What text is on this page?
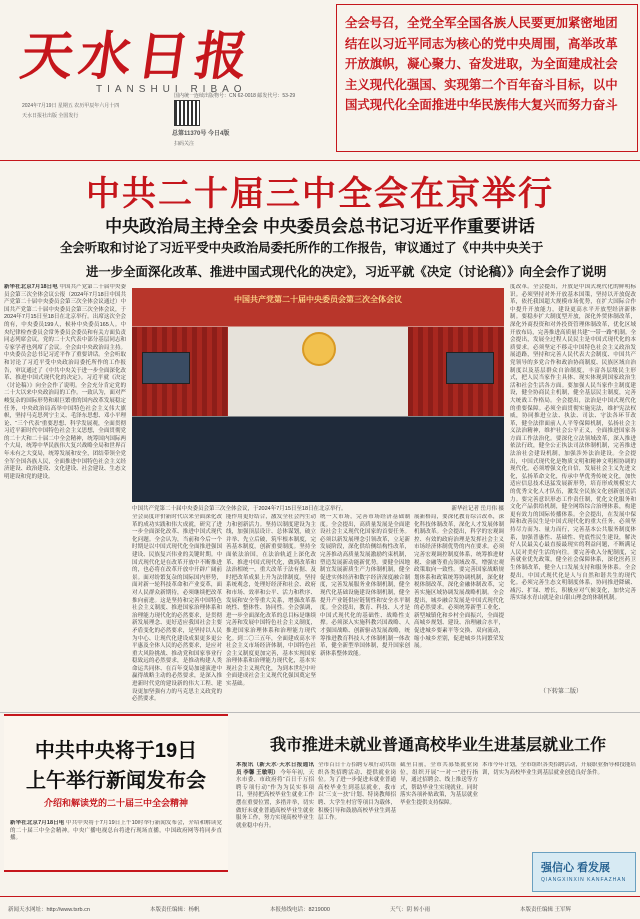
天水日报
TIANSHUI RIBAO
2024年7月19日 星期五 农历甲辰年六月十四
天水日报社出版 全国发行
国内统一连续出版物号：CN 62-0018 邮发代号：53-29
总第11370号 今日4版
扫码关注
全会号召，全党全军全国各族人民要更加紧密地团结在以习近平同志为核心的党中央周围，高举改革开放旗帜，凝心聚力、奋发进取，为全面建成社会主义现代化强国、实现第二个百年奋斗目标，以中国式现代化全面推进中华民族伟大复兴而努力奋斗
中共二十届三中全会在京举行
中央政治局主持全会 中央委员会总书记习近平作重要讲话
全会听取和讨论了习近平受中央政治局委托所作的工作报告，审议通过了《中共中央关于
进一步全面深化改革、推进中国式现代化的决定》，习近平就《决定（讨论稿）》向全会作了说明
新华社北京7月18日电 中国共产党第二十届中央委员会第三次全体会议公报（2024年7月18日中国共产党第二十届中央委员会第三次全体会议通过）中国共产党第二十届中央委员会第三次全体会议，于2024年7月15日至18日在北京举行。出席这次全会的有，中央委员199人，候补中央委员165人。中央纪律检查委员会常务委员会委员和有关方面负责同志列席会议。党的二十大代表中部分基层同志和专家学者也列席了会议。全会由中央政治局主持。中央委员会总书记习近平作了重要讲话。全会听取和讨论了习近平受中央政治局委托所作的工作报告，审议通过了《中共中央关于进一步全面深化改革、推进中国式现代化的决定》。习近平就《决定（讨论稿）》向全会作了说明。全会充分肯定党的二十大以来中央政治局的工作。一致认为，面对严峻复杂的国际形势和艰巨繁重的国内改革发展稳定任务，中央政治局高举中国特色社会主义伟大旗帜，坚持马克思列宁主义、毛泽东思想、邓小平理论、“三个代表”重要思想、科学发展观，全面贯彻习近平新时代中国特色社会主义思想，全面贯彻党的二十大和二十届二中全会精神，统筹国内国际两个大局，统筹中华民族伟大复兴战略全局和世界百年未有之大变局，统筹发展和安全，团结带领全党全军全国各族人民，全面推进中国特色社会主义经济建设、政治建设、文化建设、社会建设、生态文明建设和党的建设。
中国共产党第二十届中央委员会第三次全体会议
中国共产党第二十届中央委员会第三次全体会议，于2024年7月15日至18日在北京举行。	新华社记者 岳月伟 摄
度改革。全会提出，开放是中国式现代化的鲜明标识。必须坚持对外开放基本国策，坚持以开放促改革，依托我国超大规模市场优势，在扩大国际合作中提升开放能力，建设更高水平开放型经济新体制。要稳步扩大制度型开放，深化外贸体制改革，深化外商投资和对外投资管理体制改革，优化区域开放布局，完善推进高质量共建“一带一路”机制。全会提出，发展全过程人民民主是中国式现代化的本质要求。必须坚定不移走中国特色社会主义政治发展道路，坚持和完善人民代表大会制度、中国共产党领导的多党合作和政治协商制度、民族区域自治制度以及基层群众自治制度，丰富各层级民主形式，把人民当家作主具体、现实体现到国家政治生活和社会生活各方面。要加强人民当家作主制度建设，健全协商民主机制，健全基层民主制度，完善大统战工作格局。全会提出，法治是中国式现代化的重要保障。必须全面贯彻实施宪法，维护宪法权威，协同推进立法、执法、司法、守法各环节改革，健全法律面前人人平等保障机制，弘扬社会主义法治精神，维护社会公平正义，全面推进国家各方面工作法治化。要深化立法领域改革，深入推进依法行政，健全公正执法司法体制机制，完善推进法治社会建设机制，加强涉外法治建设。全会提出，中国式现代化是物质文明和精神文明相协调的现代化。必须增强文化自信，发展社会主义先进文化，弘扬革命文化，传承中华优秀传统文化，加快适应信息技术迅猛发展新形势，培育形成规模宏大的优秀文化人才队伍，激发全民族文化创新创造活力。要完善意识形态工作责任制，优化文化服务和文化产品供给机制，健全网络综合治理体系，构建更有效力的国际传播体系。全会提出，在发展中保障和改善民生是中国式现代化的重大任务。必须坚持尽力而为、量力而行，完善基本公共服务制度体系，加强普惠性、基础性、兜底性民生建设，解决好人民最关心最直接最现实的利益问题，不断满足人民对美好生活的向往。要完善收入分配制度，完善就业优先政策，健全社会保障体系，深化医药卫生体制改革，健全人口发展支持和服务体系。全会提出，中国式现代化是人与自然和谐共生的现代化。必须完善生态文明制度体系，协同推进降碳、减污、扩绿、增长，积极应对气候变化，加快完善落实绿水青山就是金山银山理念的体制机制。
（下转第二版）
全会高度评价新时代以来全面深化改革的成功实践和伟大成就，研究了进一步全面深化改革、推进中国式现代化问题。全会认为，当前和今后一个时期是以中国式现代化全面推进强国建设、民族复兴伟业的关键时期。中国式现代化是在改革开放中不断推进的，也必将在改革开放中开辟广阔前景。面对纷繁复杂的国际国内形势，面对新一轮科技革命和产业变革，面对人民群众新期待，必须继续把改革推向前进。这是坚持和完善中国特色社会主义制度、推进国家治理体系和治理能力现代化的必然要求，是贯彻新发展理念、更好适应我国社会主要矛盾变化的必然要求，是坚持以人民为中心、让现代化建设成果更多更公平惠及全体人民的必然要求，是应对重大风险挑战、推动党和国家事业行稳致远的必然要求，是推动构建人类命运共同体、在百年变局加速演进中赢得战略主动的必然要求，是深入推进新时代党的建设新的伟大工程、建设更加坚强有力的马克思主义政党的必然要求。
能作用更好结合，激发全社会内生动力和创新活力。坚持以制度建设为主线，加强顶层设计、总体谋划，破立并举、先立后破，筑牢根本制度，完善基本制度，创新重要制度。坚持全面依法治国，在法治轨道上深化改革、推进中国式现代化，做到改革和法治相统一，重大改革于法有据、及时把改革成果上升为法律制度。坚持系统观念，处理好经济和社会、政府和市场、效率和公平、活力和秩序、发展和安全等重大关系，增强改革系统性、整体性、协同性。全会强调，进一步全面深化改革的总目标是继续完善和发展中国特色社会主义制度，推进国家治理体系和治理能力现代化。到二〇三五年，全面建成高水平社会主义市场经济体制，中国特色社会主义制度更加完善，基本实现国家治理体系和治理能力现代化，基本实现社会主义现代化，为到本世纪中叶全面建成社会主义现代化强国奠定坚实基础。
统一大市场，完善市场经济基础制度。全会提出，高质量发展是全面建设社会主义现代化国家的首要任务。必须以新发展理念引领改革，立足新发展阶段，深化供给侧结构性改革，完善推动高质量发展激励约束机制，塑造发展新动能新优势。要健全因地制宜发展新质生产力体制机制，健全促进实体经济和数字经济深度融合制度，完善发展服务业体制机制，健全现代化基础设施建设体制机制，健全提升产业链供应链韧性和安全水平制度。全会提出，教育、科技、人才是中国式现代化的基础性、战略性支撑。必须深入实施科教兴国战略、人才强国战略、创新驱动发展战略，统筹推进教育科技人才体制机制一体改革，健全新型举国体制，提升国家创新体系整体效能。
展新格局，要深化教育综合改革，深化科技体制改革，深化人才发展体制机制改革。全会提出，科学的宏观调控、有效的政府治理是发挥社会主义市场经济体制优势的内在要求。必须完善宏观调控制度体系，统筹推进财税、金融等重点领域改革，增强宏观政策取向一致性。要完善国家战略规划体系和政策统筹协调机制，深化财税体制改革，深化金融体制改革，完善实施区域协调发展战略机制。全会提出，城乡融合发展是中国式现代化的必然要求。必须统筹新型工业化、新型城镇化和乡村全面振兴，全面提高城乡规划、建设、治理融合水平，促进城乡要素平等交换、双向流动，缩小城乡差别，促进城乡共同繁荣发展。
中共中央将于19日
上午举行新闻发布会
介绍和解读党的二十届三中全会精神
新华社北京7月18日电 中共中央将于7月19日上午10时举行新闻发布会，介绍和解读党的二十届三中全会精神。中央广播电视总台将进行现场直播，中国政府网等将同步直播。
我市推进未就业普通高校毕业生进基层就业工作
本报讯（新天水·天水日报通讯员 李馨 王敏明） 今年年初，天水市委、市政府将“百日千万招聘专项行动”作为为民实事项目，坚持把高校毕业生就业工作摆在重要位置，多措并举，切实做好未就业普通高校毕业生就业服务工作，努力实现高校毕业生就业稳中有升。
全市百日千万招聘专项行动共组织各类招聘活动、提供就业岗位。为了进一步促进未就业普通高校毕业生到基层就业，我市以“三支一扶”计划、特岗教师招聘、大学生村官等项目为载体，积极引导和鼓励高校毕业生到基层工作。
截至目前，全市共募集就业岗位，组织开展“一对一”进行指导，通过招聘会、线上推送等方式，帮助毕业生实现就业。同时落实各项补贴政策，为基层就业毕业生提供支持保障。
本市今年计划，全市组织各类招聘活动，开展职业指导和技能培训，切实为高校毕业生到基层就业创造良好条件。
强信心 看发展
QIANGXINXIN KANFAZHAN
新闻天水网址：http://www.tsrb.cn	本版责任编辑：杨帆	本报热线电话：8219000	天气：阴 转小雨	本版责任编辑 王军辉
